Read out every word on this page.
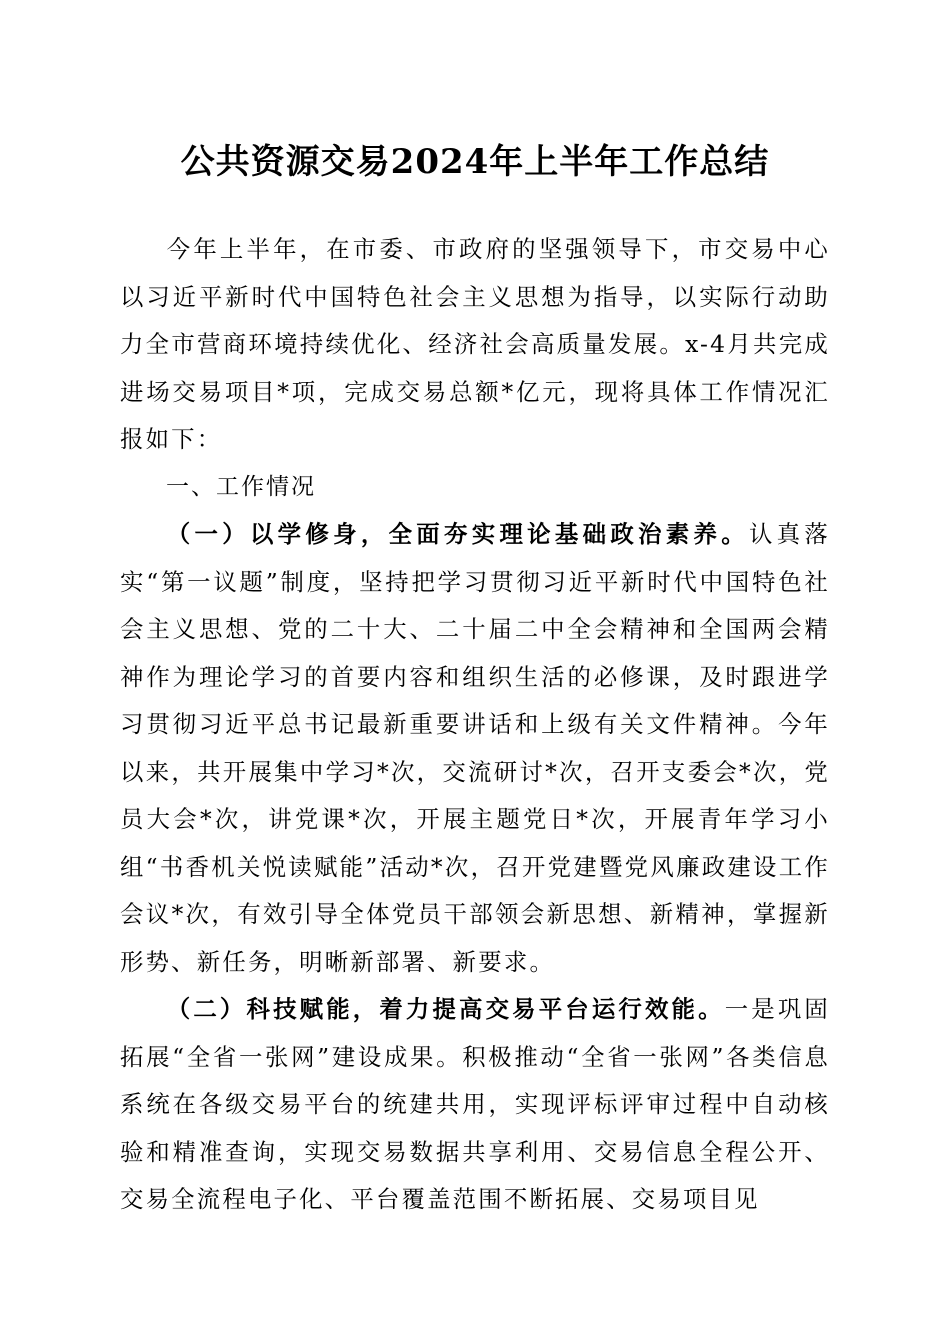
公共资源交易2024年上半年工作总结

今年上半年，在市委、市政府的坚强领导下，市交易中心以习近平新时代中国特色社会主义思想为指导，以实际行动助力全市营商环境持续优化、经济社会高质量发展。x-4月共完成进场交易项目*项，完成交易总额*亿元，现将具体工作情况汇报如下：

一、工作情况

（一）以学修身，全面夯实理论基础政治素养。认真落实“第一议题”制度，坚持把学习贯彻习近平新时代中国特色社会主义思想、党的二十大、二十届二中全会精神和全国两会精神作为理论学习的首要内容和组织生活的必修课，及时跟进学习贯彻习近平总书记最新重要讲话和上级有关文件精神。今年以来，共开展集中学习*次，交流研讨*次，召开支委会*次，党员大会*次，讲党课*次，开展主题党日*次，开展青年学习小组“书香机关悦读赋能”活动*次，召开党建暨党风廉政建设工作会议*次，有效引导全体党员干部领会新思想、新精神，掌握新形势、新任务，明晰新部署、新要求。

（二）科技赋能，着力提高交易平台运行效能。一是巩固拓展“全省一张网”建设成果。积极推动“全省一张网”各类信息系统在各级交易平台的统建共用，实现评标评审过程中自动核验和精准查询，实现交易数据共享利用、交易信息全程公开、交易全流程电子化、平台覆盖范围不断拓展、交易项目见
